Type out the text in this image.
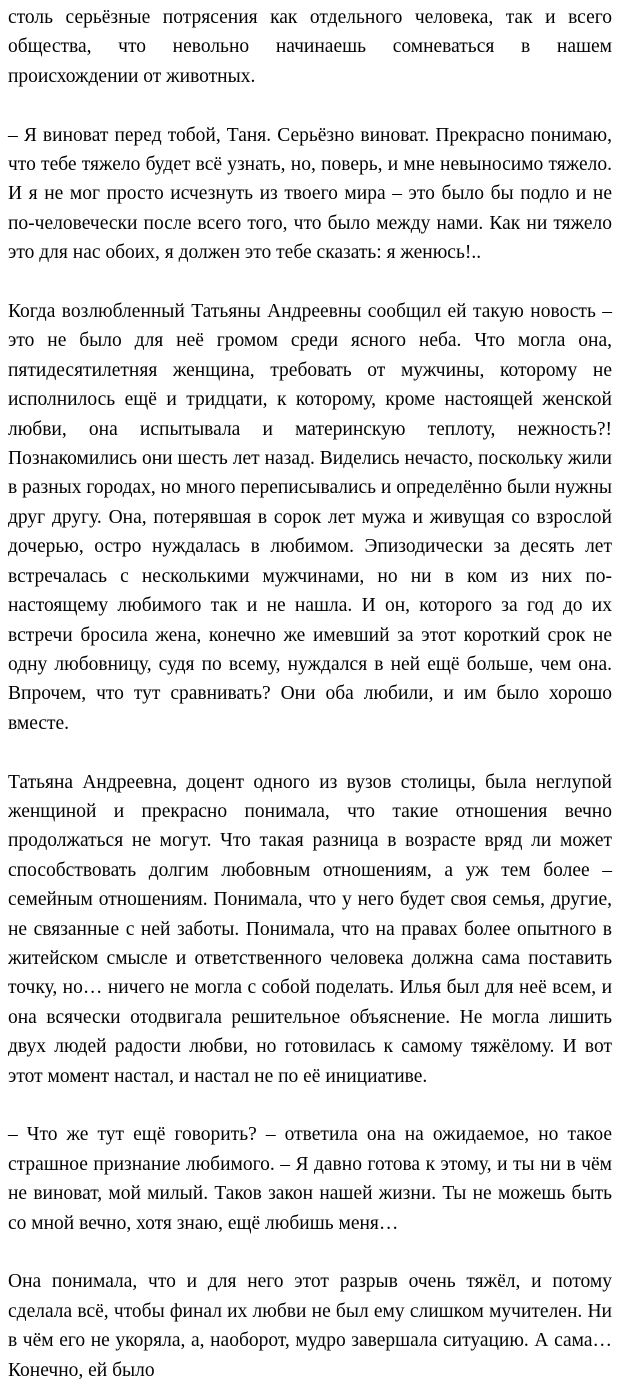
столь серьёзные потрясения как отдельного человека, так и всего общества, что невольно начинаешь сомневаться в нашем происхождении от животных.

– Я виноват перед тобой, Таня. Серьёзно виноват. Прекрасно понимаю, что тебе тяжело будет всё узнать, но, поверь, и мне невыносимо тяжело. И я не мог просто исчезнуть из твоего мира – это было бы подло и не по-человечески после всего того, что было между нами. Как ни тяжело это для нас обоих, я должен это тебе сказать: я женюсь!..

Когда возлюбленный Татьяны Андреевны сообщил ей такую новость – это не было для неё громом среди ясного неба. Что могла она, пятидесятилетняя женщина, требовать от мужчины, которому не исполнилось ещё и тридцати, к которому, кроме настоящей женской любви, она испытывала и материнскую теплоту, нежность?! Познакомились они шесть лет назад. Виделись нечасто, поскольку жили в разных городах, но много переписывались и определённо были нужны друг другу. Она, потерявшая в сорок лет мужа и живущая со взрослой дочерью, остро нуждалась в любимом. Эпизодически за десять лет встречалась с несколькими мужчинами, но ни в ком из них по-настоящему любимого так и не нашла. И он, которого за год до их встречи бросила жена, конечно же имевший за этот короткий срок не одну любовницу, судя по всему, нуждался в ней ещё больше, чем она. Впрочем, что тут сравнивать? Они оба любили, и им было хорошо вместе.

Татьяна Андреевна, доцент одного из вузов столицы, была неглупой женщиной и прекрасно понимала, что такие отношения вечно продолжаться не могут. Что такая разница в возрасте вряд ли может способствовать долгим любовным отношениям, а уж тем более – семейным отношениям. Понимала, что у него будет своя семья, другие, не связанные с ней заботы. Понимала, что на правах более опытного в житейском смысле и ответственного человека должна сама поставить точку, но… ничего не могла с собой поделать. Илья был для неё всем, и она всячески отодвигала решительное объяснение. Не могла лишить двух людей радости любви, но готовилась к самому тяжёлому. И вот этот момент настал, и настал не по её инициативе.

– Что же тут ещё говорить? – ответила она на ожидаемое, но такое страшное признание любимого. – Я давно готова к этому, и ты ни в чём не виноват, мой милый. Таков закон нашей жизни. Ты не можешь быть со мной вечно, хотя знаю, ещё любишь меня…

Она понимала, что и для него этот разрыв очень тяжёл, и потому сделала всё, чтобы финал их любви не был ему слишком мучителен. Ни в чём его не укоряла, а, наоборот, мудро завершала ситуацию. А сама… Конечно, ей было
